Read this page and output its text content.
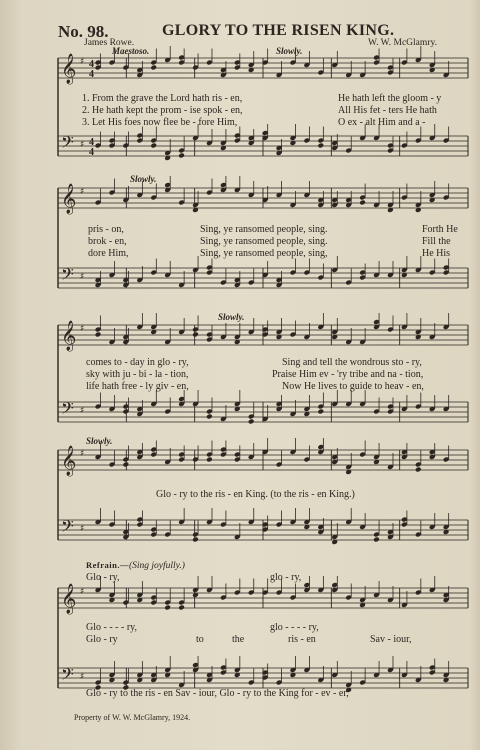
No. 98.	GLORY TO THE RISEN KING.
James Rowe.	W. W. McGlamry.
𝄞 ♯
𝄢 ♯
4
4
4
4
𝄞 ♯
𝄢 ♯
𝄞 ♯
𝄢 ♯
𝄞 ♯
𝄢 ♯
𝄞 ♯
𝄢 ♯
Maestoso.	Slowly.
1. From the grave the Lord hath ris - en,
2. He hath kept the prom - ise spok - en,
3. Let His foes now flee be - fore Him,
He hath left the gloom - y
All His fet - ters He hath
O ex - alt Him and a -
Slowly.
pris - on,
brok - en,
dore Him,
Sing, ye ransomed people, sing.
Sing, ye ransomed people, sing.
Sing, ye ransomed people, sing,
Forth He
Fill the
He His
Slowly.
comes to - day in glo - ry,
sky with ju - bi - la - tion,
life hath free - ly giv - en,
Sing and tell the wondrous sto - ry,
Praise Him ev - 'ry tribe and na - tion,
Now He lives to guide to heav - en,
Slowly.
Glo - ry to the ris - en King. (to the ris - en King.)
Refrain.—(Sing joyfully.)
Glo - ry,	glo - ry,
Glo - - - - ry,	glo - - - - ry,
Glo - ry	to	the	ris - en	Sav - iour,
Glo - ry to the ris - en Sav - iour, Glo - ry to the King for - ev - er,
Property of W. W. McGlamry, 1924.
